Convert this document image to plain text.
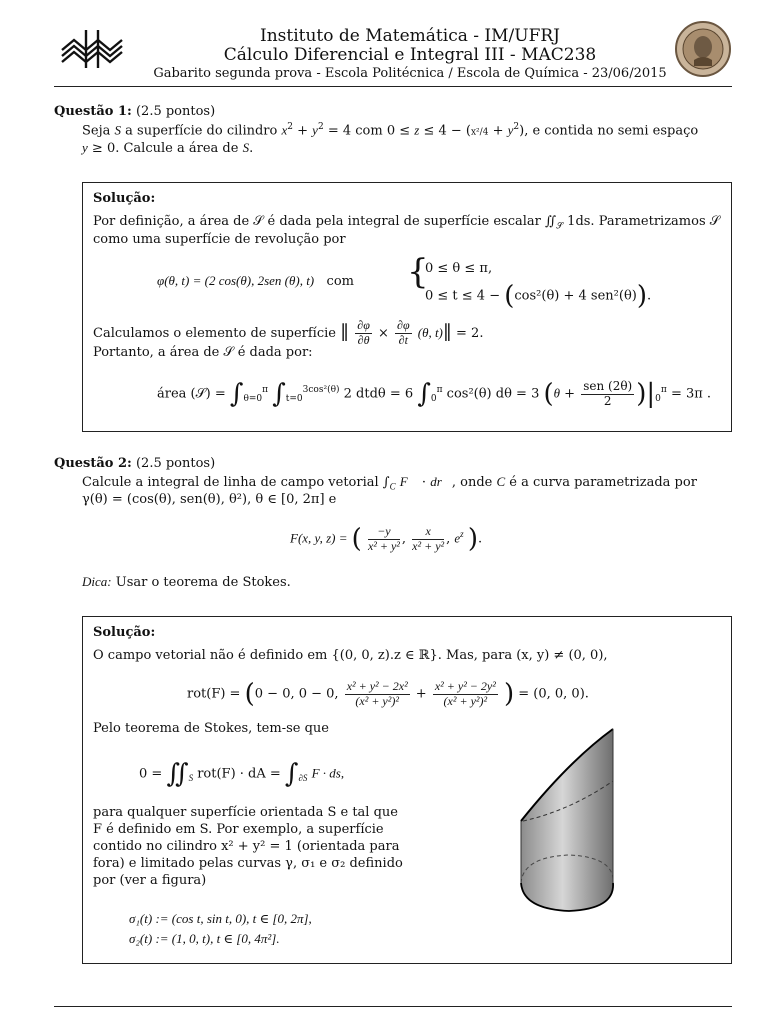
Instituto de Matemática - IM/UFRJ
Cálculo Diferencial e Integral III - MAC238
Gabarito segunda prova - Escola Politécnica / Escola de Química - 23/06/2015
Questão 1: (2.5 pontos)
Seja S a superfície do cilindro $x^2 + y^2 = 4$ com $0 \le z \le 4 - (x^2/4 + y^2)$, e contida no semi espaço
y ≥ 0. Calcule a área de S.
Solução:
Por definição, a área de 𝒮 é dada pela integral de superfície escalar $∬_𝒮$ 1ds. Parametrizamos 𝒮
como uma superfície de revolução por
φ(θ, t) = (2 cos(θ), 2sen (θ), t) com {
0 ≤ θ ≤ π,
0 ≤ t ≤ 4 − (cos²(θ) + 4 sen²(θ)).
Calculamos o elemento de superfície ‖ $\frac{\partial\varphi}{\partial\theta} \times \frac{\partial\varphi}{\partial t} (\theta$, t)‖ = 2.
Portanto, a área de 𝒮 é dada por:
área (𝒮) = $\int_{\theta=0}^\pi$ $\int_{t=0}^{3cos^2(\theta)}$ 2 dtdθ = 6 $\int_0^\pi$ cos²(θ) dθ = 3 $(\theta + \frac{\text{sen (2θ)}}{2} )|_0^\pi = 3\pi$ .
Questão 2: (2.5 pontos)
Calcule a integral de linha de campo vetorial $\int_C$ F⃗ · dr⃗, onde C é a curva parametrizada por
γ(θ) = (cos(θ), sen(θ), θ²), θ ∈ [0, 2π] e
F(x, y, z) = ( $\frac{-y}{\text{x² + y²}}$ , $\frac{x}{\text{x² + y²}}$ , $e^z$ ).
Dica: Usar o teorema de Stokes.
Solução:
O campo vetorial não é definido em {(0, 0, z).z ∈ ℝ}. Mas, para (x, y) ≠ (0, 0),
rot(F) = (0 − 0, 0 − 0, $\frac{\text{x² + y² − 2x²}}{\text{(x² + y²)²}} + \frac{\text{x² + y² − 2y²}}{\text{(x² + y²)²}}$ ) = (0, 0, 0).
Pelo teorema de Stokes, tem-se que
$0 = ∬_S$ rot(F) · dA = $\int_{\partial S}$ F · ds,
para qualquer superfície orientada S e tal que
F é definido em S. Por exemplo, a superfície
contido no cilindro x² + y² = 1 (orientada para
fora) e limitado pelas curvas γ, σ₁ e σ₂ definido
por (ver a figura)
σ₁(t) := (cos t, sin t, 0), t ∈ [0, 2π],
σ₂(t) := (1, 0, t), t ∈ [0, 4π²].
